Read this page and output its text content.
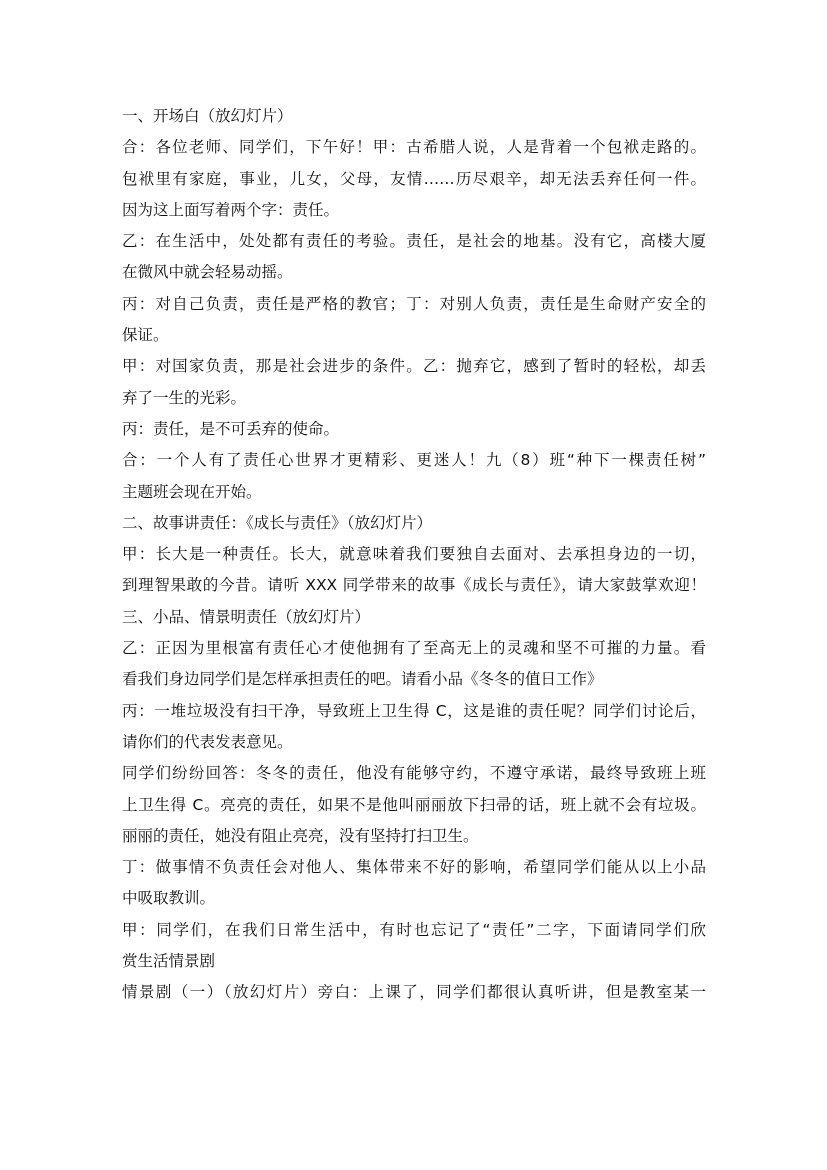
一、开场白（放幻灯片）
合：各位老师、同学们，下午好！甲：古希腊人说，人是背着一个包袱走路的。
包袱里有家庭，事业，儿女，父母，友情……历尽艰辛，却无法丢弃任何一件。
因为这上面写着两个字：责任。
乙：在生活中，处处都有责任的考验。责任，是社会的地基。没有它，高楼大厦
在微风中就会轻易动摇。
丙：对自己负责，责任是严格的教官；丁：对别人负责，责任是生命财产安全的
保证。
甲：对国家负责，那是社会进步的条件。乙：抛弃它，感到了暂时的轻松，却丢
弃了一生的光彩。
丙：责任，是不可丢弃的使命。
合：一个人有了责任心世界才更精彩、更迷人！九（8）班“种下一棵责任树”
主题班会现在开始。
二、故事讲责任：《成长与责任》（放幻灯片）
甲：长大是一种责任。长大，就意味着我们要独自去面对、去承担身边的一切，
到理智果敢的今昔。请听 XXX 同学带来的故事《成长与责任》，请大家鼓掌欢迎！
三、小品、情景明责任（放幻灯片）
乙：正因为里根富有责任心才使他拥有了至高无上的灵魂和坚不可摧的力量。看
看我们身边同学们是怎样承担责任的吧。请看小品《冬冬的值日工作》
丙：一堆垃圾没有扫干净，导致班上卫生得 C，这是谁的责任呢？同学们讨论后，
请你们的代表发表意见。
同学们纷纷回答：冬冬的责任，他没有能够守约，不遵守承诺，最终导致班上班
上卫生得 C。亮亮的责任，如果不是他叫丽丽放下扫帚的话，班上就不会有垃圾。
丽丽的责任，她没有阻止亮亮，没有坚持打扫卫生。
丁：做事情不负责任会对他人、集体带来不好的影响，希望同学们能从以上小品
中吸取教训。
甲：同学们，在我们日常生活中，有时也忘记了“责任”二字，下面请同学们欣
赏生活情景剧
情景剧（一）（放幻灯片）旁白：上课了，同学们都很认真听讲，但是教室某一
